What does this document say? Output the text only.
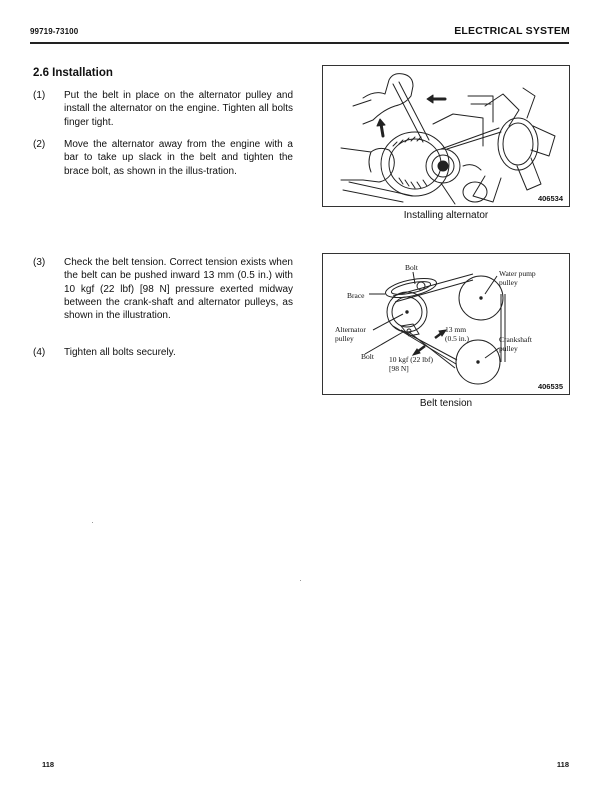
99719-73100	ELECTRICAL SYSTEM
2.6 Installation
(1) Put the belt in place on the alternator pulley and install the alternator on the engine. Tighten all bolts finger tight.
(2) Move the alternator away from the engine with a bar to take up slack in the belt and tighten the brace bolt, as shown in the illus-tration.
(3) Check the belt tension. Correct tension exists when the belt can be pushed inward 13 mm (0.5 in.) with 10 kgf (22 lbf) [98 N] pressure exerted midway between the crank-shaft and alternator pulleys, as shown in the illustration.
(4) Tighten all bolts securely.
406534
Installing alternator
Bolt
Brace
Alternator
pulley
Bolt
Water pump
pulley
13 mm
(0.5 in.)	Crankshaft
pulley
10 kgf (22 lbf)
[98 N]
406535
Belt tension
118	118
